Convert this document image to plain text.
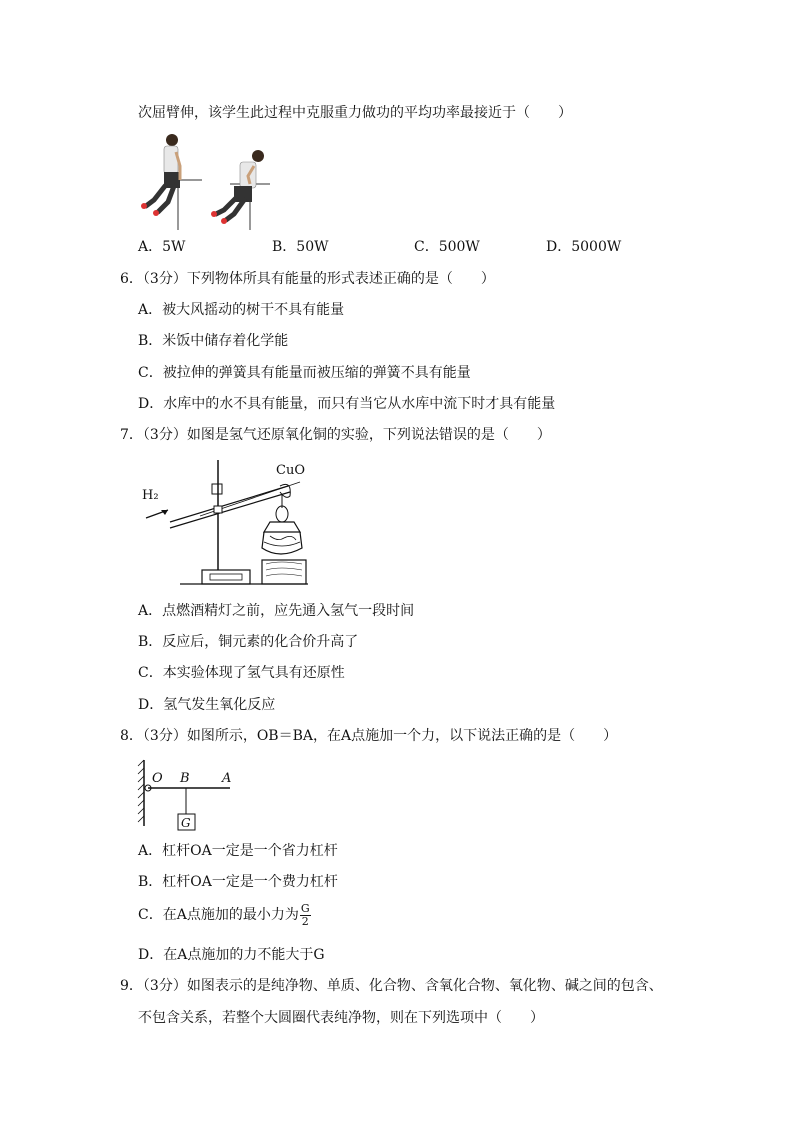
次屈臂伸，该学生此过程中克服重力做功的平均功率最接近于（　　）
A．5W	B．50W	C．500W	D．5000W
6．（3分）下列物体所具有能量的形式表述正确的是（　　）
A．被大风摇动的树干不具有能量
B．米饭中储存着化学能
C．被拉伸的弹簧具有能量而被压缩的弹簧不具有能量
D．水库中的水不具有能量，而只有当它从水库中流下时才具有能量
7．（3分）如图是氢气还原氧化铜的实验，下列说法错误的是（　　）
H₂
CuO
A．点燃酒精灯之前，应先通入氢气一段时间
B．反应后，铜元素的化合价升高了
C．本实验体现了氢气具有还原性
D．氢气发生氧化反应
8．（3分）如图所示，OB＝BA，在A点施加一个力，以下说法正确的是（　　）
O B A
G
A．杠杆OA一定是一个省力杠杆
B．杠杆OA一定是一个费力杠杆
C．在A点施加的最小力为 $\frac{G}{2}$
D．在A点施加的力不能大于G
9．（3分）如图表示的是纯净物、单质、化合物、含氧化合物、氧化物、碱之间的包含、
不包含关系，若整个大圆圈代表纯净物，则在下列选项中（　　）
